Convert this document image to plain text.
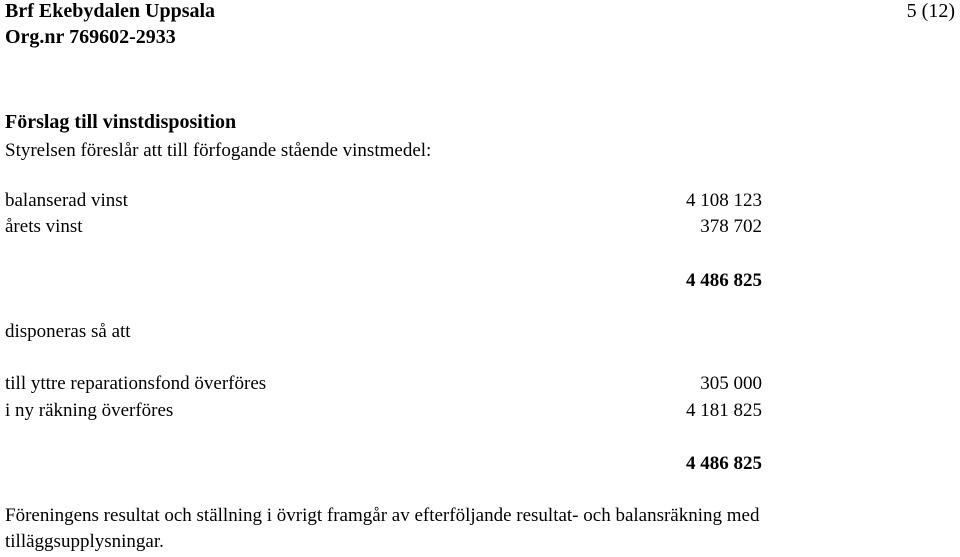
Brf Ekebydalen Uppsala
Org.nr 769602-2933
5 (12)
Förslag till vinstdisposition
Styrelsen föreslår att till förfogande stående vinstmedel:
balanserad vinst	4 108 123
årets vinst	378 702
4 486 825
disponeras så att
till yttre reparationsfond överföres	305 000
i ny räkning överföres	4 181 825
4 486 825
Föreningens resultat och ställning i övrigt framgår av efterföljande resultat- och balansräkning med
tilläggsupplysningar.
